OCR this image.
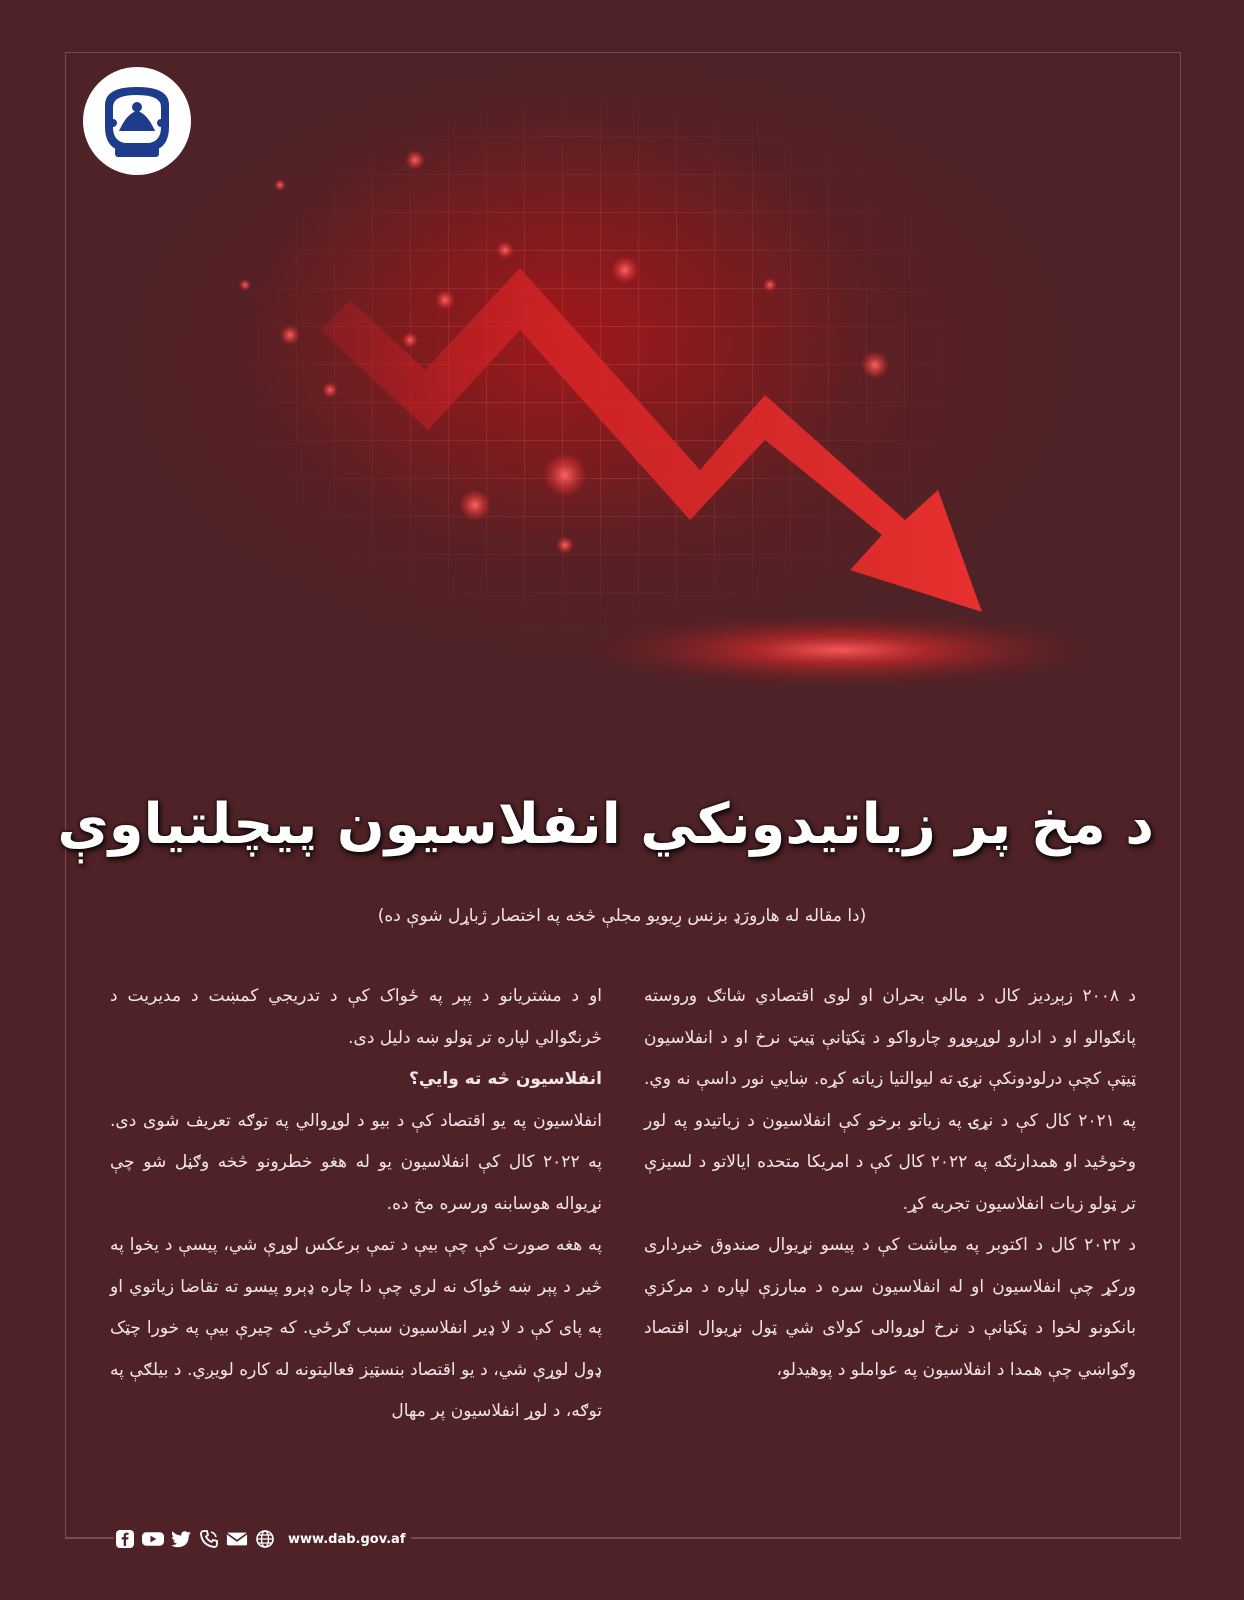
د مخ پر زیاتیدونکي انفلاسیون پیچلتیاوې
(دا مقاله له هارورَډ بزنس رِیویو مجلې څخه په اختصار ژباړل شوې ده)

د ۲۰۰۸ زېږدیز کال د مالي بحران او لوی اقتصادي شاتګ وروسته پانګوالو او د ادارو لوړپوړو چارواکو د ټکټانې ټیټ نرخ او د انفلاسیون ټیټې کچې درلودونکې نړۍ ته لیوالتیا زیاته کړه. ښایي نور داسې نه وي. په ۲۰۲۱ کال کې د نړۍ په زیاتو برخو کې انفلاسیون د زیاتیدو په لور وخوځید او همدارنګه په ۲۰۲۲ کال کې د امریکا متحده ایالاتو د لسیزې تر ټولو زیات انفلاسیون تجربه کړ.

د ۲۰۲۲ کال د اکتوبر په میاشت کې د پیسو نړیوال صندوق خبرداری ورکړ چې انفلاسیون او له انفلاسیون سره د مبارزې لپاره د مرکزي بانکونو لخوا د ټکټانې د نرخ لوړوالی کولای شي ټول نړیوال اقتصاد وګواښي چې همدا د انفلاسیون په عواملو د پوهیدلو،

او د مشتریانو د پېر په ځواک کې د تدریجي کمښت د مدیریت د څرنګوالي لپاره تر ټولو ښه دلیل دی.

انفلاسیون څه ته وايي؟

انفلاسیون په یو اقتصاد کې د بیو د لوړوالي په توګه تعریف شوی دی. په ۲۰۲۲ کال کې انفلاسیون یو له هغو خطرونو څخه وګڼل شو چې نړیواله هوسابنه ورسره مخ ده.

په هغه صورت کې چې بیې د تمې برعکس لوړې شي، پیسې د یخوا په څیر د پېر ښه ځواک نه لري چې دا چاره ډېرو پیسو ته تقاضا زیاتوي او په پای کې د لا ډیر انفلاسیون سبب ګرځي. که چیرې بیې په خورا چټک ډول لوړې شي، د یو اقتصاد بنسټیز فعالیتونه له کاره لویږي. د بیلګې په توګه، د لوړ انفلاسیون پر مهال

www.dab.gov.af
